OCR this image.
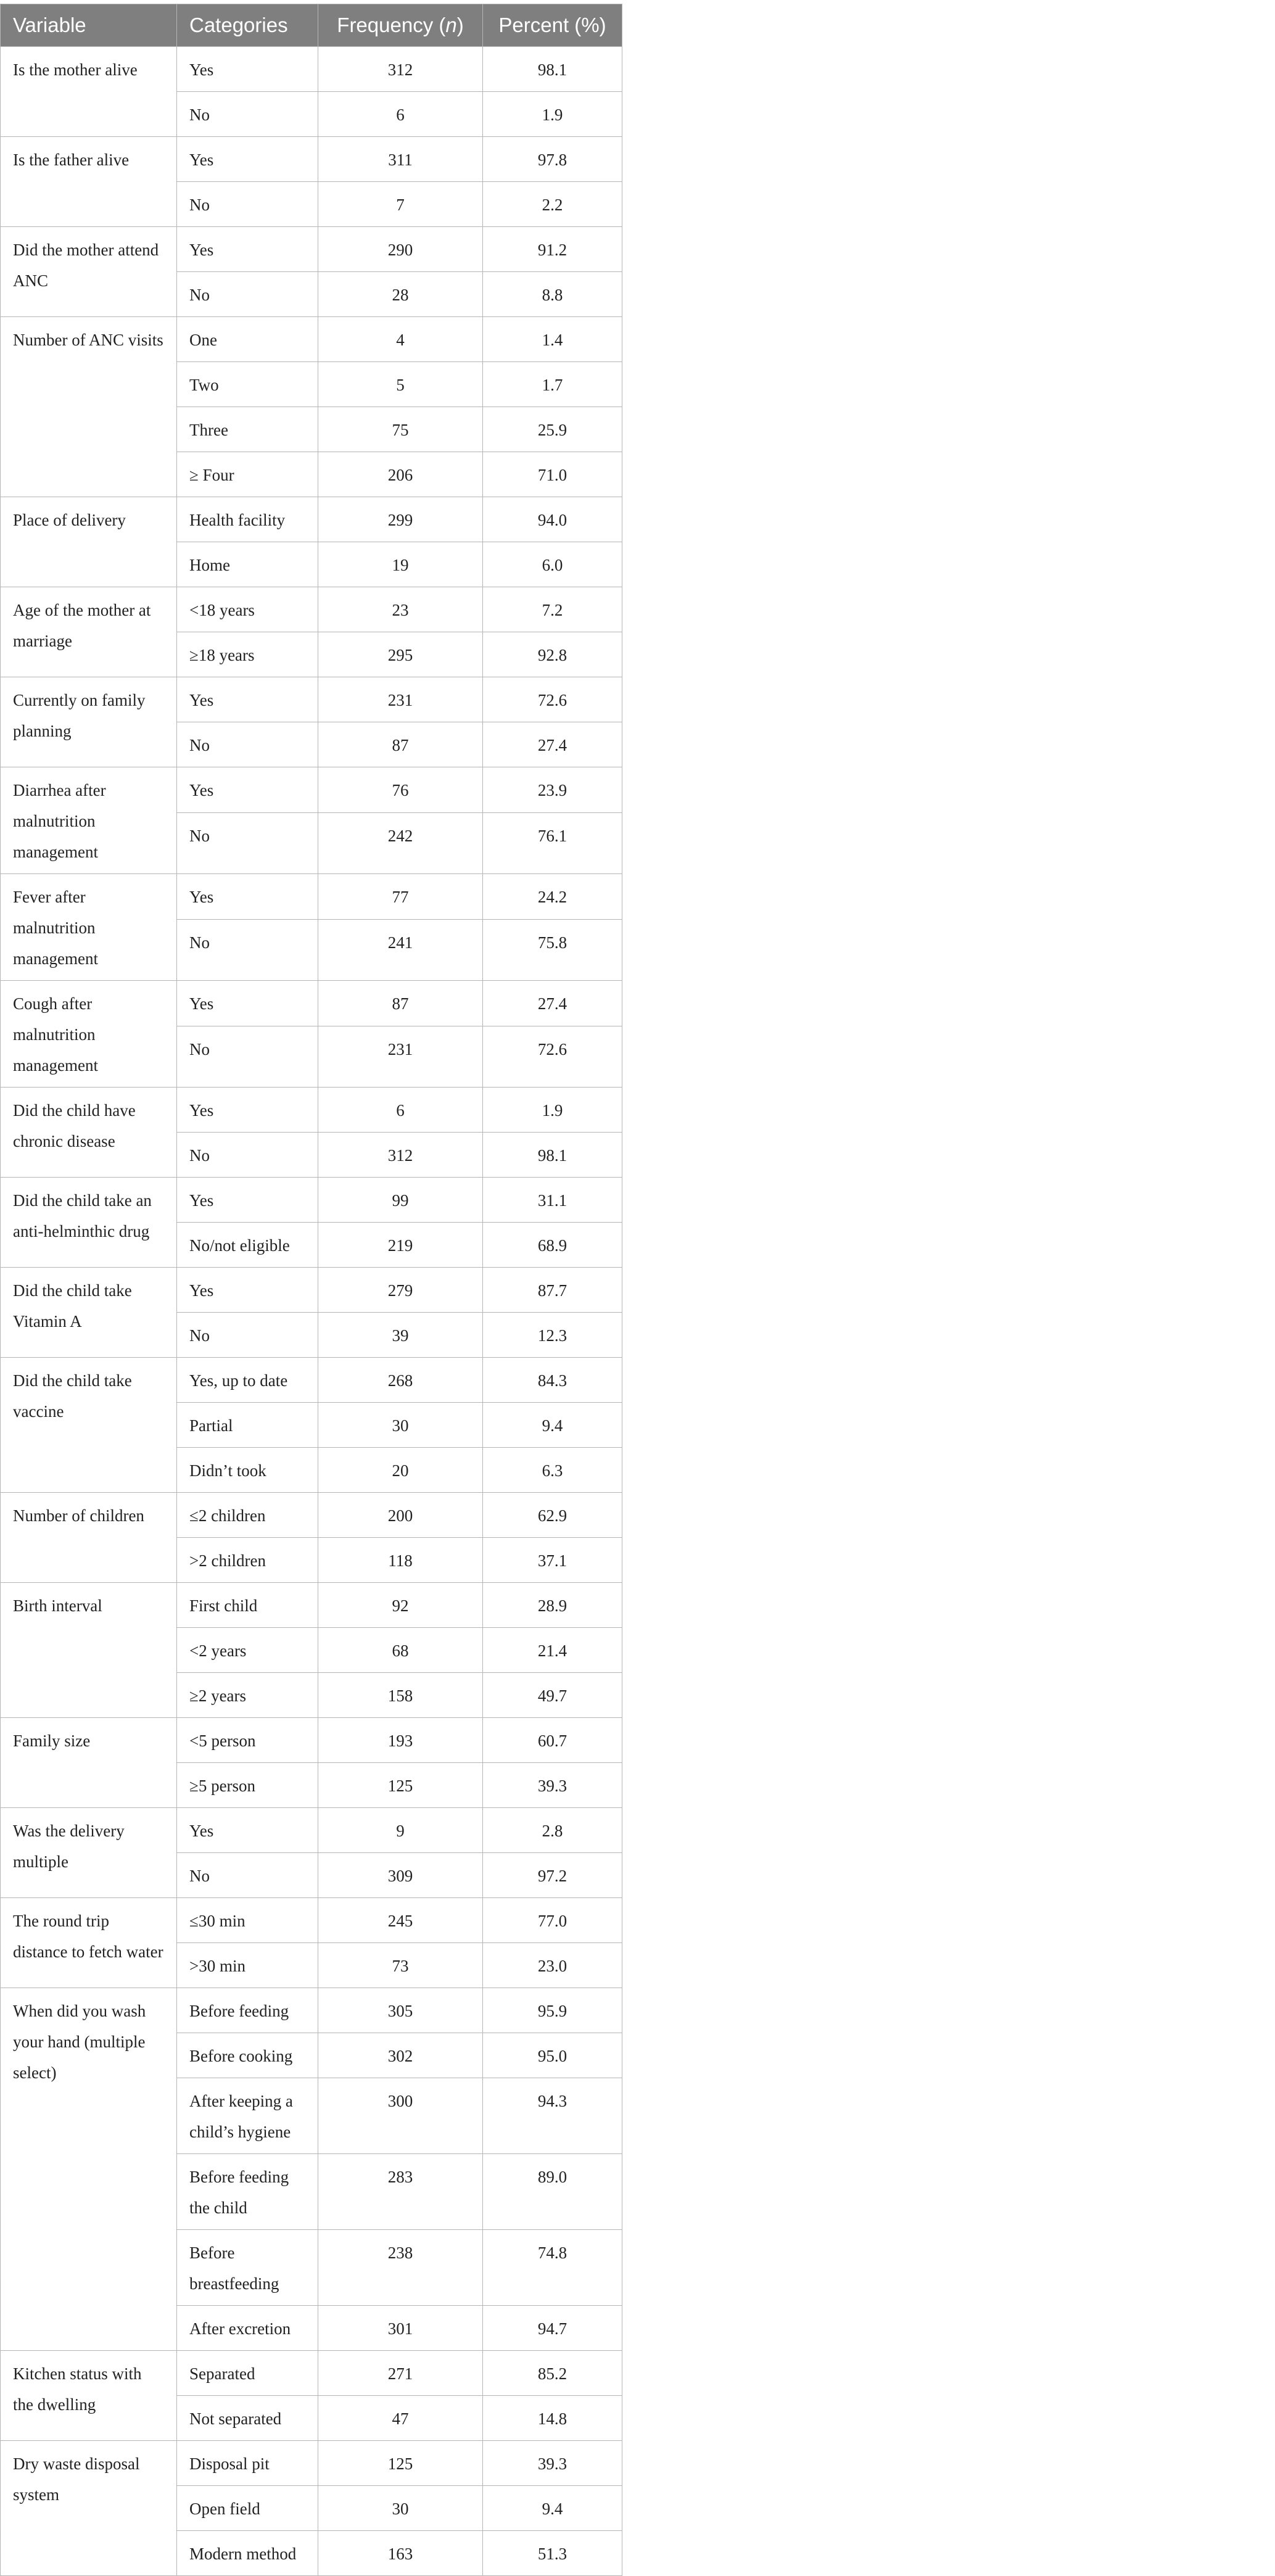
Variable	Categories	Frequency (n)	Percent (%)
Is the mother alive	Yes	312	98.1
	No	6	1.9
Is the father alive	Yes	311	97.8
	No	7	2.2
Did the mother attend ANC	Yes	290	91.2
	No	28	8.8
Number of ANC visits	One	4	1.4
	Two	5	1.7
	Three	75	25.9
	≥ Four	206	71.0
Place of delivery	Health facility	299	94.0
	Home	19	6.0
Age of the mother at marriage	<18 years	23	7.2
	≥18 years	295	92.8
Currently on family planning	Yes	231	72.6
	No	87	27.4
Diarrhea after malnutrition management	Yes	76	23.9
	No	242	76.1
Fever after malnutrition management	Yes	77	24.2
	No	241	75.8
Cough after malnutrition management	Yes	87	27.4
	No	231	72.6
Did the child have chronic disease	Yes	6	1.9
	No	312	98.1
Did the child take an anti-helminthic drug	Yes	99	31.1
	No/not eligible	219	68.9
Did the child take Vitamin A	Yes	279	87.7
	No	39	12.3
Did the child take vaccine	Yes, up to date	268	84.3
	Partial	30	9.4
	Didn’t took	20	6.3
Number of children	≤2 children	200	62.9
	>2 children	118	37.1
Birth interval	First child	92	28.9
	<2 years	68	21.4
	≥2 years	158	49.7
Family size	<5 person	193	60.7
	≥5 person	125	39.3
Was the delivery multiple	Yes	9	2.8
	No	309	97.2
The round trip distance to fetch water	≤30 min	245	77.0
	>30 min	73	23.0
When did you wash your hand (multiple select)	Before feeding	305	95.9
	Before cooking	302	95.0
	After keeping a child’s hygiene	300	94.3
	Before feeding the child	283	89.0
	Before breastfeeding	238	74.8
	After excretion	301	94.7
Kitchen status with the dwelling	Separated	271	85.2
	Not separated	47	14.8
Dry waste disposal system	Disposal pit	125	39.3
	Open field	30	9.4
	Modern method	163	51.3
